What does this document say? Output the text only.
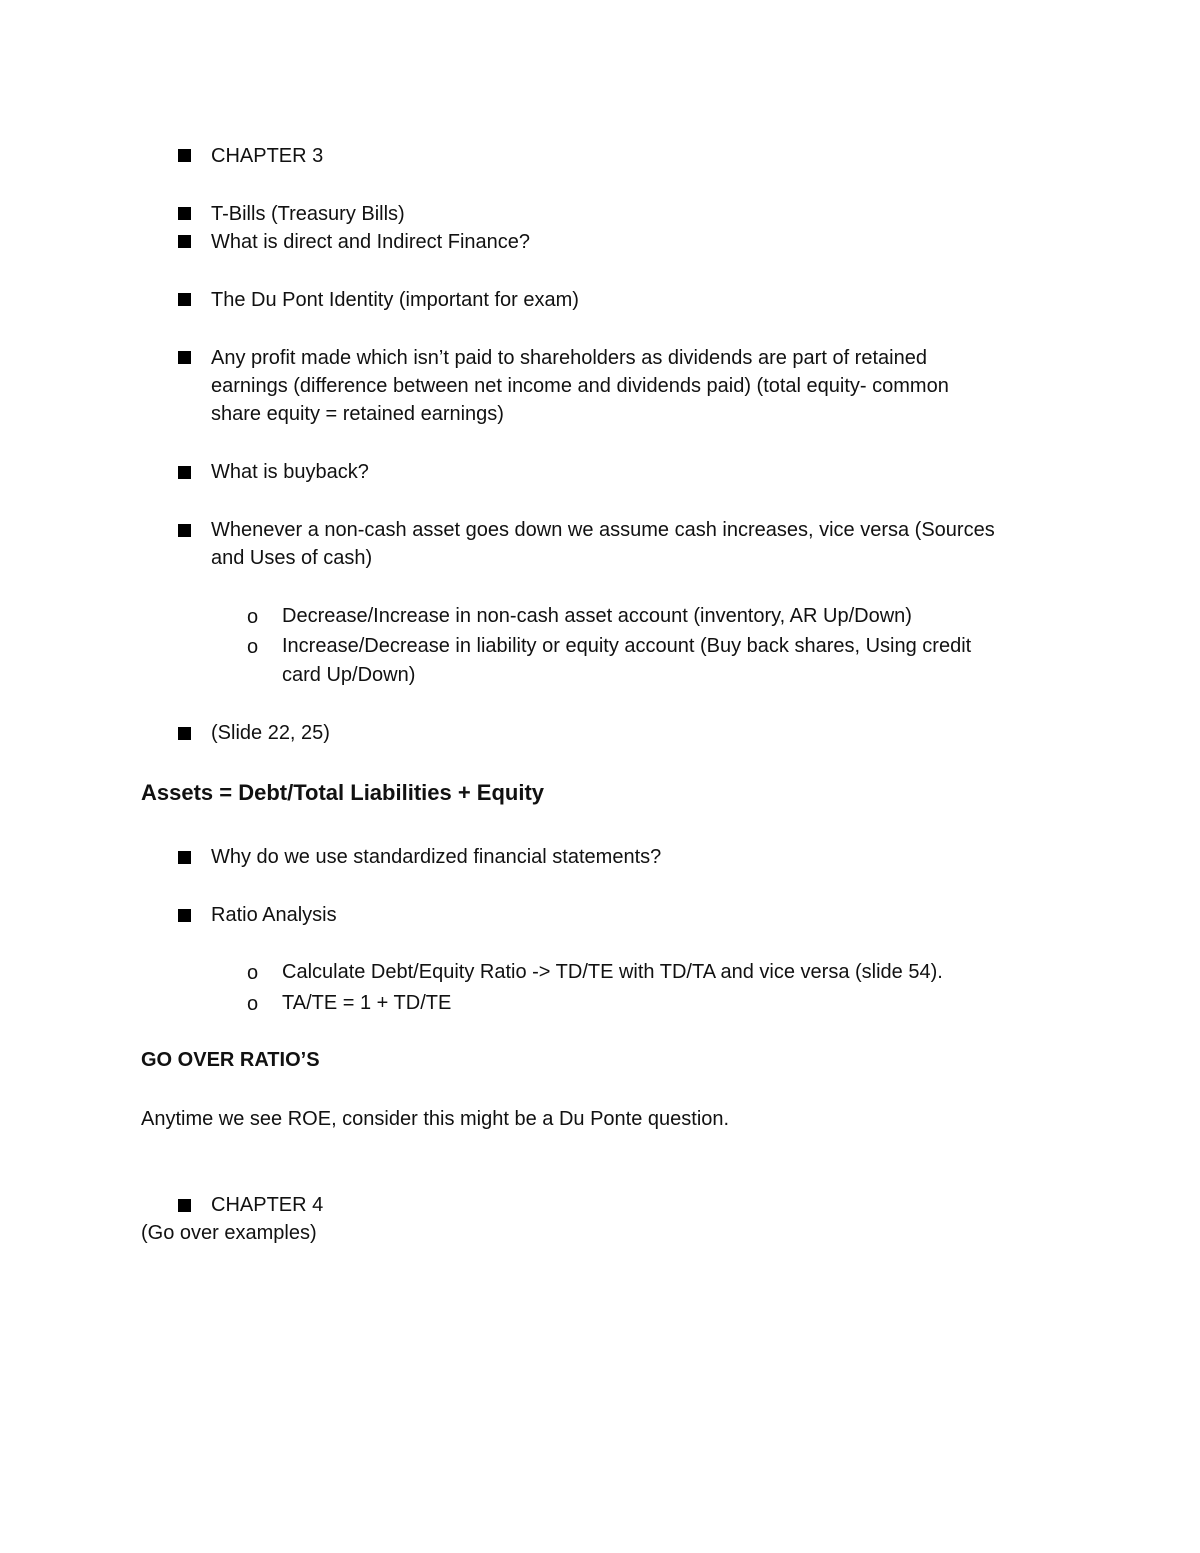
CHAPTER 3
T-Bills (Treasury Bills)
What is direct and Indirect Finance?
The Du Pont Identity (important for exam)
Any profit made which isn’t paid to shareholders as dividends are part of retained
earnings (difference between net income and dividends paid) (total equity- common
share equity = retained earnings)
What is buyback?
Whenever a non-cash asset goes down we assume cash increases, vice versa (Sources
and Uses of cash)
o Decrease/Increase in non-cash asset account (inventory, AR Up/Down)
o Increase/Decrease in liability or equity account (Buy back shares, Using credit
card Up/Down)
(Slide 22, 25)
Assets = Debt/Total Liabilities + Equity
Why do we use standardized financial statements?
Ratio Analysis
o Calculate Debt/Equity Ratio -> TD/TE with TD/TA and vice versa (slide 54).
o TA/TE = 1 + TD/TE
GO OVER RATIO’S
Anytime we see ROE, consider this might be a Du Ponte question.
CHAPTER 4
(Go over examples)
